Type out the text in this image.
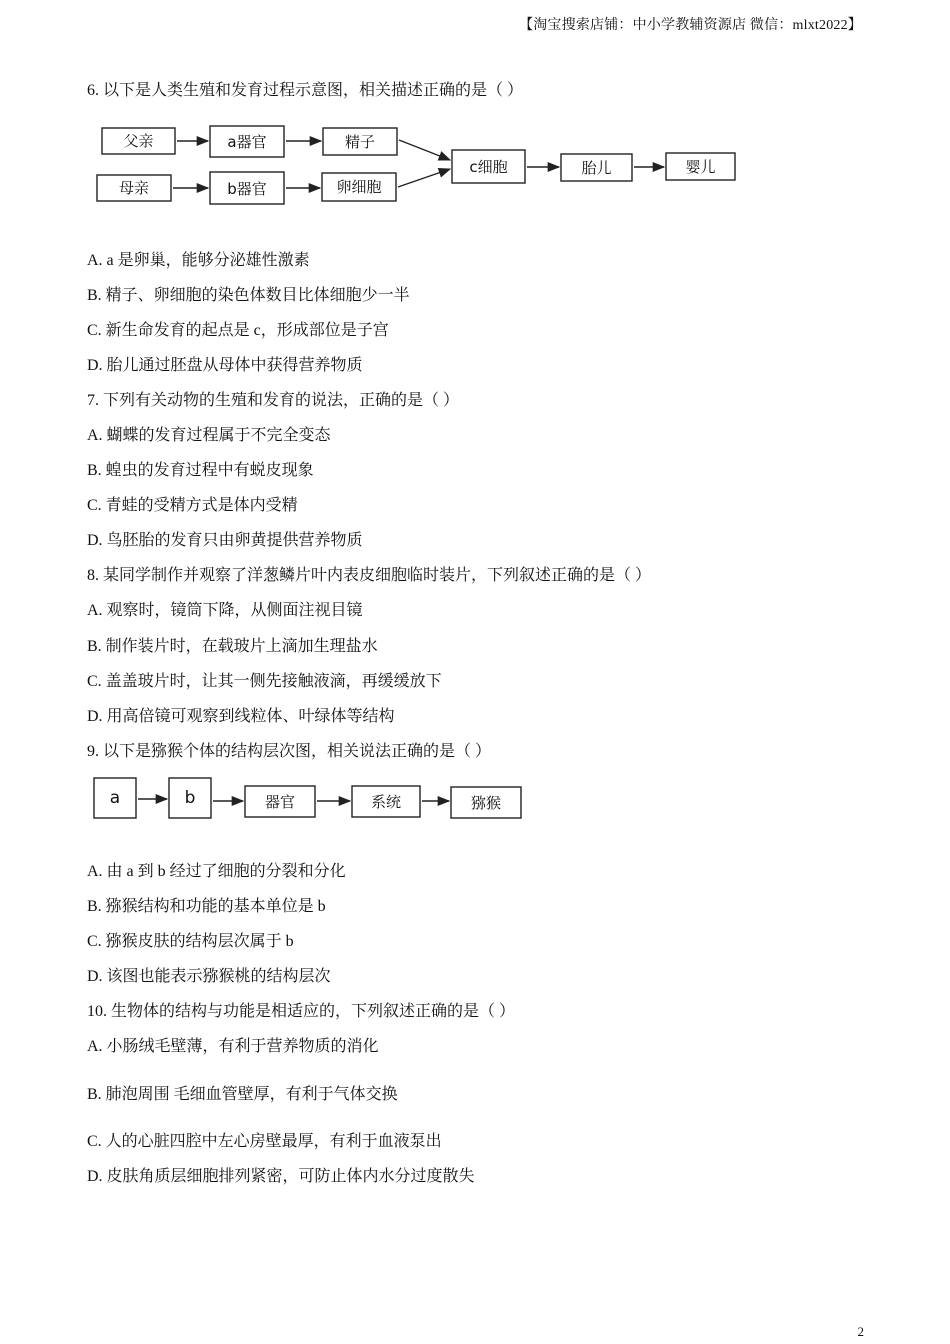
【淘宝搜索店铺：中小学教辅资源店 微信：mlxt2022】
6. 以下是人类生殖和发育过程示意图，相关描述正确的是（ ）
父亲	a器官	精子
母亲	b器官	卵细胞
c细胞	胎儿	婴儿
a	b	器官	系统	猕猴
A. a 是卵巢，能够分泌雄性激素
B. 精子、卵细胞的染色体数目比体细胞少一半
C. 新生命发育的起点是 c，形成部位是子宫
D. 胎儿通过胚盘从母体中获得营养物质
7. 下列有关动物的生殖和发育的说法，正确的是（ ）
A. 蝴蝶的发育过程属于不完全变态
B. 蝗虫的发育过程中有蜕皮现象
C. 青蛙的受精方式是体内受精
D. 鸟胚胎的发育只由卵黄提供营养物质
8. 某同学制作并观察了洋葱鳞片叶内表皮细胞临时装片，下列叙述正确的是（ ）
A. 观察时，镜筒下降，从侧面注视目镜
B. 制作装片时，在载玻片上滴加生理盐水
C. 盖盖玻片时，让其一侧先接触液滴，再缓缓放下
D. 用高倍镜可观察到线粒体、叶绿体等结构
9. 以下是猕猴个体的结构层次图，相关说法正确的是（ ）
A. 由 a 到 b 经过了细胞的分裂和分化
B. 猕猴结构和功能的基本单位是 b
C. 猕猴皮肤的结构层次属于 b
D. 该图也能表示猕猴桃的结构层次
10. 生物体的结构与功能是相适应的，下列叙述正确的是（ ）
A. 小肠绒毛壁薄，有利于营养物质的消化
B. 肺泡周围 毛细血管壁厚，有利于气体交换
C. 人的心脏四腔中左心房壁最厚，有利于血液泵出
D. 皮肤角质层细胞排列紧密，可防止体内水分过度散失
2
